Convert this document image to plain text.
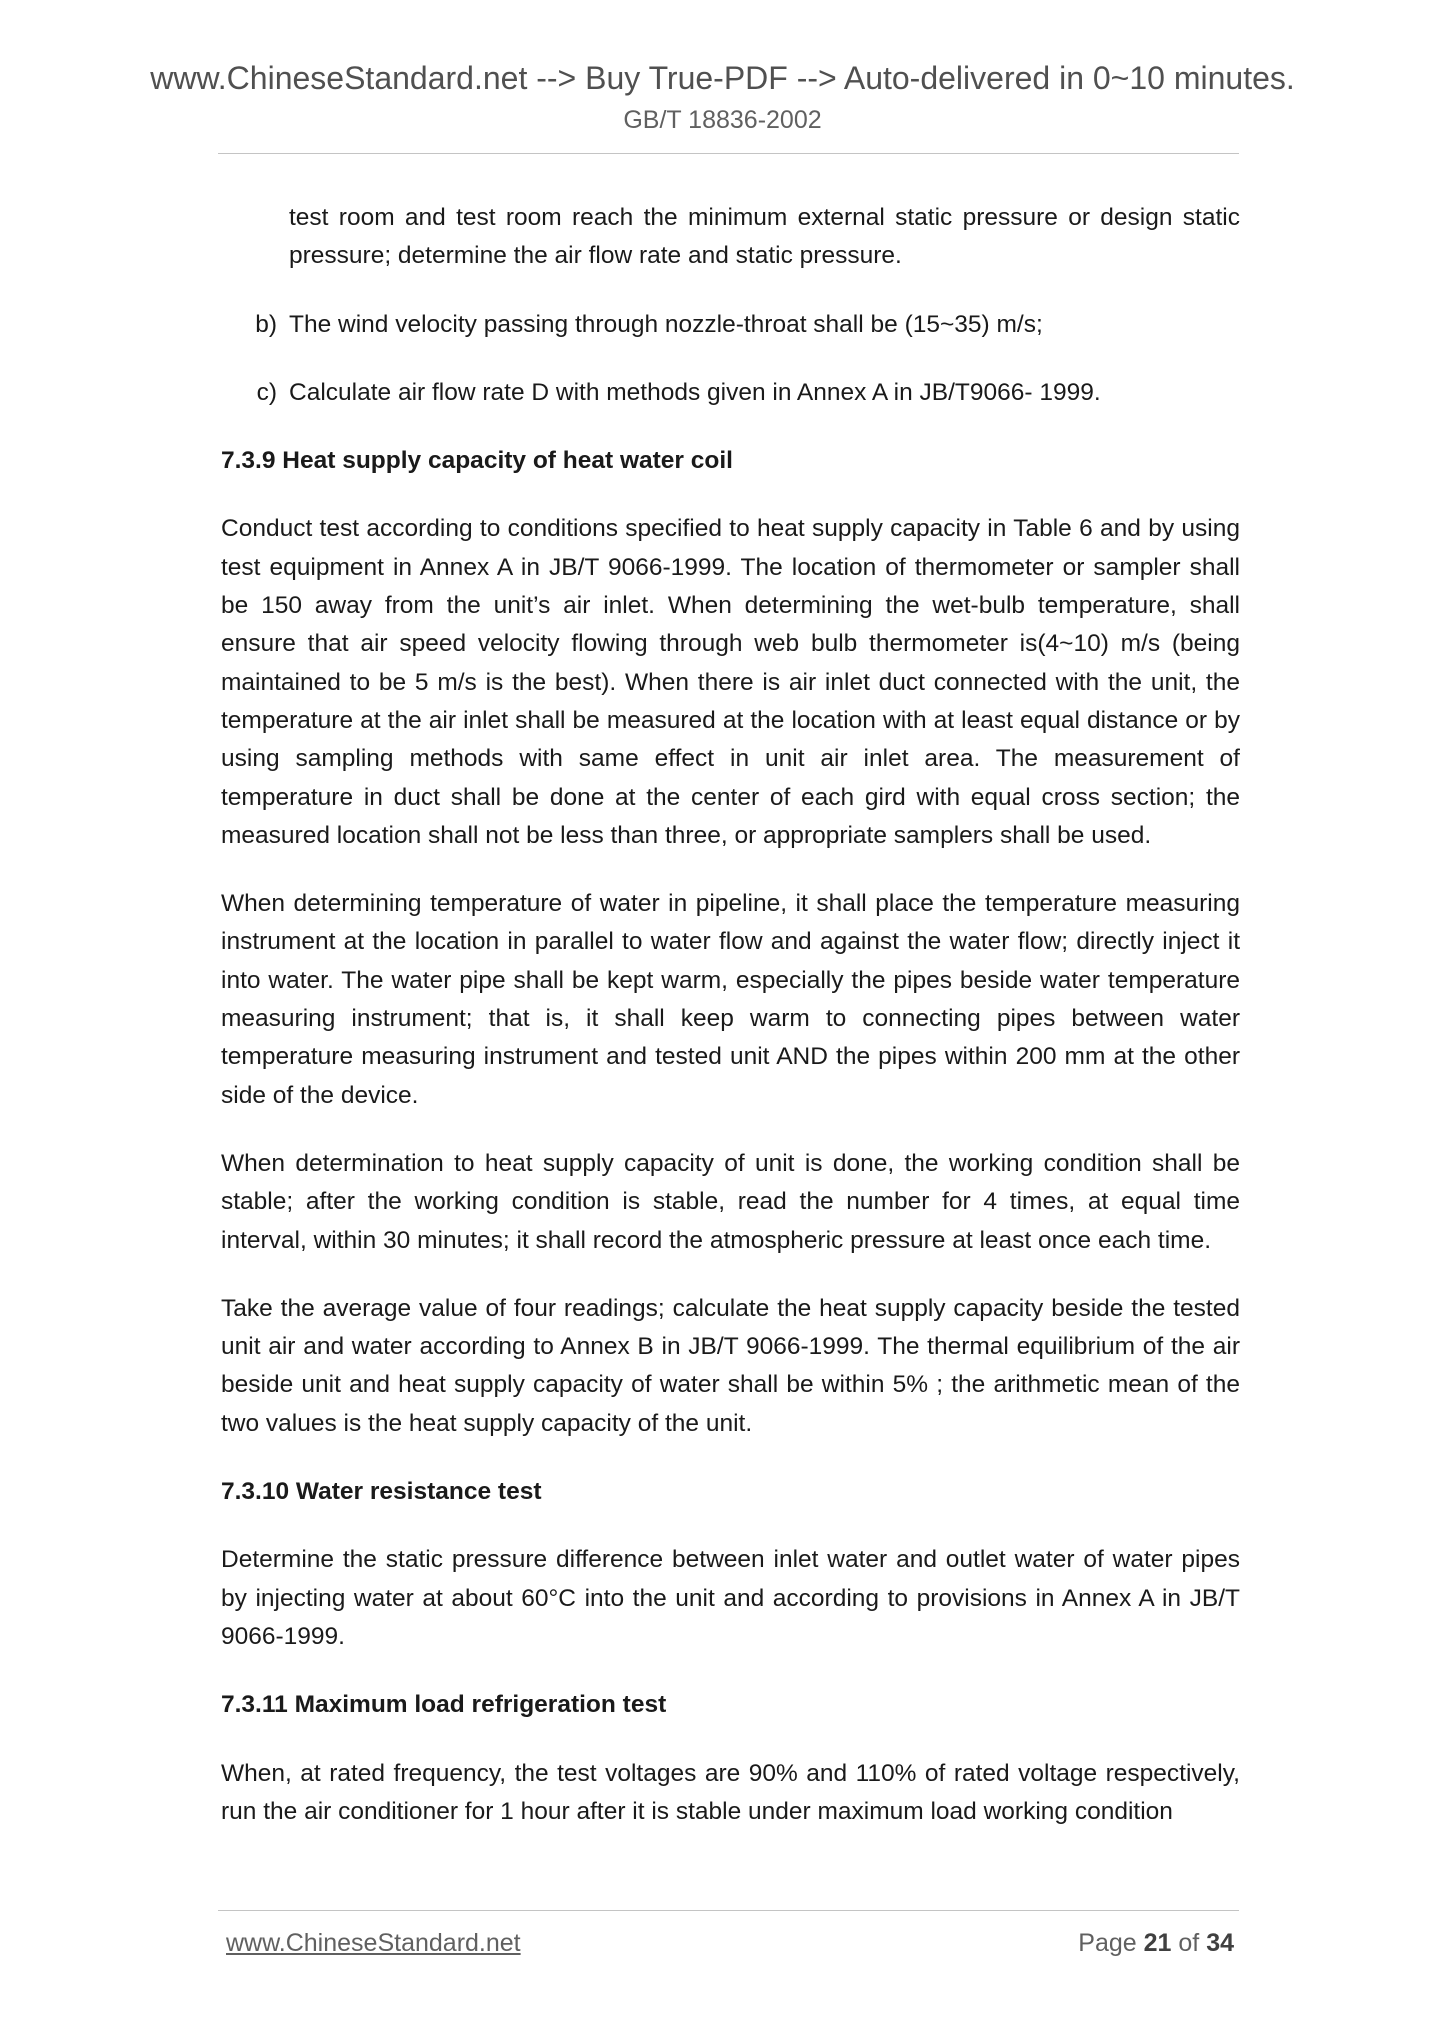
www.ChineseStandard.net --> Buy True-PDF --> Auto-delivered in 0~10 minutes.
GB/T 18836-2002

test room and test room reach the minimum external static pressure or design static pressure; determine the air flow rate and static pressure.

b) The wind velocity passing through nozzle-throat shall be (15~35) m/s;
c) Calculate air flow rate D with methods given in Annex A in JB/T9066- 1999.
7.3.9 Heat supply capacity of heat water coil

Conduct test according to conditions specified to heat supply capacity in Table 6 and by using test equipment in Annex A in JB/T 9066-1999. The location of thermometer or sampler shall be 150 away from the unit’s air inlet. When determining the wet-bulb temperature, shall ensure that air speed velocity flowing through web bulb thermometer is(4~10) m/s (being maintained to be 5 m/s is the best). When there is air inlet duct connected with the unit, the temperature at the air inlet shall be measured at the location with at least equal distance or by using sampling methods with same effect in unit air inlet area. The measurement of temperature in duct shall be done at the center of each gird with equal cross section; the measured location shall not be less than three, or appropriate samplers shall be used.

When determining temperature of water in pipeline, it shall place the temperature measuring instrument at the location in parallel to water flow and against the water flow; directly inject it into water. The water pipe shall be kept warm, especially the pipes beside water temperature measuring instrument; that is, it shall keep warm to connecting pipes between water temperature measuring instrument and tested unit AND the pipes within 200 mm at the other side of the device.

When determination to heat supply capacity of unit is done, the working condition shall be stable; after the working condition is stable, read the number for 4 times, at equal time interval, within 30 minutes; it shall record the atmospheric pressure at least once each time.

Take the average value of four readings; calculate the heat supply capacity beside the tested unit air and water according to Annex B in JB/T 9066-1999. The thermal equilibrium of the air beside unit and heat supply capacity of water shall be within 5% ; the arithmetic mean of the two values is the heat supply capacity of the unit.

7.3.10 Water resistance test

Determine the static pressure difference between inlet water and outlet water of water pipes by injecting water at about 60°C into the unit and according to provisions in Annex A in JB/T 9066-1999.

7.3.11 Maximum load refrigeration test

When, at rated frequency, the test voltages are 90% and 110% of rated voltage respectively, run the air conditioner for 1 hour after it is stable under maximum load working condition

www.ChineseStandard.net	Page 21 of 34
